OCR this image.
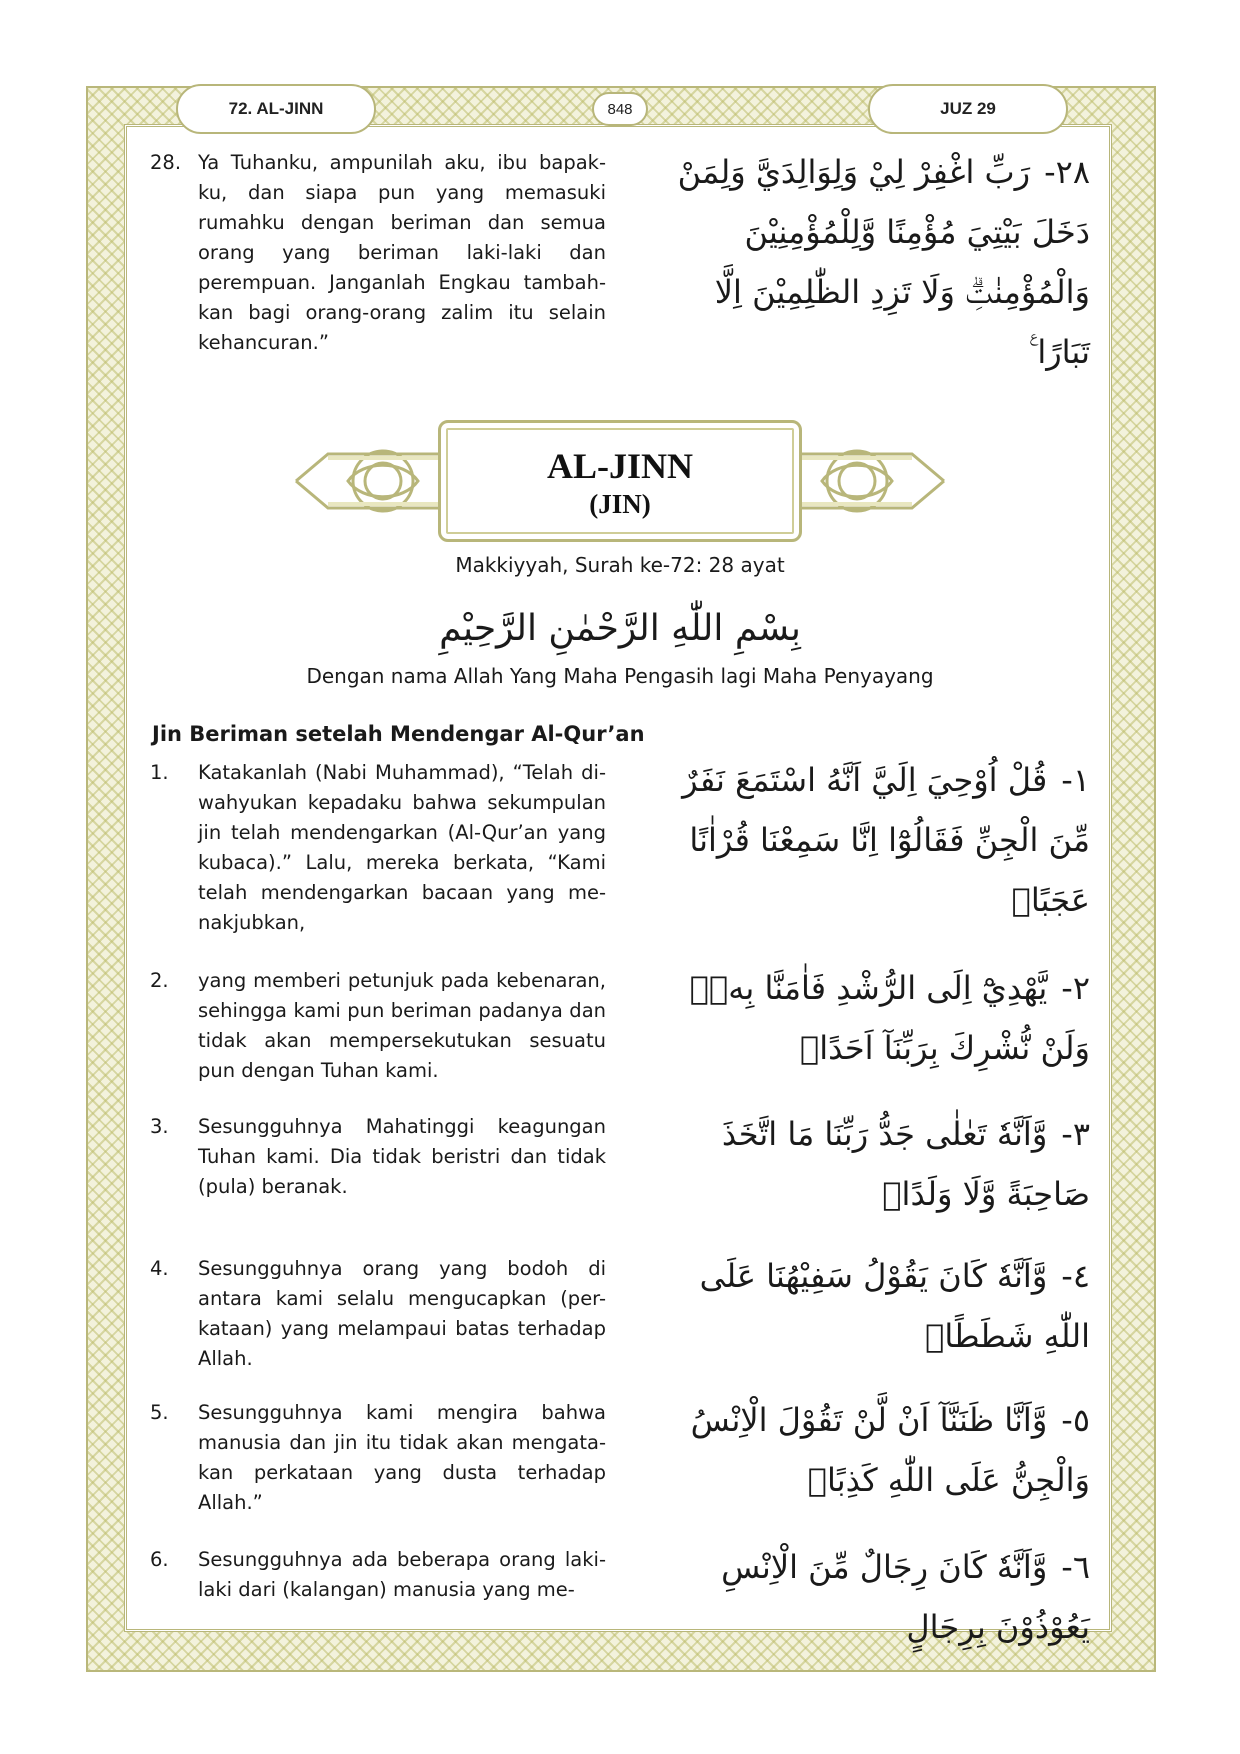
72. AL-JINN	848	JUZ 29
28. Ya Tuhanku, ampunilah aku, ibu bapak-ku, dan siapa pun yang memasuki rumahku dengan beriman dan semua orang yang beriman laki-laki dan perempuan. Janganlah Engkau tambah-kan bagi orang-orang zalim itu selain kehancuran.”
٢٨-رَبِّ اغْفِرْ لِيْ وَلِوَالِدَيَّ وَلِمَنْ دَخَلَ بَيْتِيَ مُؤْمِنًا وَّلِلْمُؤْمِنِيْنَ وَالْمُؤْمِنٰتِۗ وَلَا تَزِدِ الظّٰلِمِيْنَ اِلَّا تَبَارًا ࣖ
AL-JINN
(JIN)
Makkiyyah, Surah ke-72: 28 ayat
بِسْمِ اللّٰهِ الرَّحْمٰنِ الرَّحِيْمِ
Dengan nama Allah Yang Maha Pengasih lagi Maha Penyayang
Jin Beriman setelah Mendengar Al-Qur’an
1.	Katakanlah (Nabi Muhammad), “Telah di-wahyukan kepadaku bahwa sekumpulan jin telah mendengarkan (Al-Qur’an yang kubaca).” Lalu, mereka berkata, “Kami telah mendengarkan bacaan yang me-nakjubkan,
١-قُلْ اُوْحِيَ اِلَيَّ اَنَّهُ اسْتَمَعَ نَفَرٌ مِّنَ الْجِنِّ فَقَالُوْٓا اِنَّا سَمِعْنَا قُرْاٰنًا عَجَبًاۙ
2.	yang memberi petunjuk pada kebenaran, sehingga kami pun beriman padanya dan tidak akan mempersekutukan sesuatu pun dengan Tuhan kami.
٢-يَّهْدِيْٓ اِلَى الرُّشْدِ فَاٰمَنَّا بِهٖۗ وَلَنْ نُّشْرِكَ بِرَبِّنَآ اَحَدًاۖ
3.	Sesungguhnya Mahatinggi keagungan Tuhan kami. Dia tidak beristri dan tidak (pula) beranak.
٣-وَّاَنَّهٗ تَعٰلٰى جَدُّ رَبِّنَا مَا اتَّخَذَ صَاحِبَةً وَّلَا وَلَدًاۖ
4.	Sesungguhnya orang yang bodoh di antara kami selalu mengucapkan (per-kataan) yang melampaui batas terhadap Allah.
٤-وَّاَنَّهٗ كَانَ يَقُوْلُ سَفِيْهُنَا عَلَى اللّٰهِ شَطَطًاۖ
5.	Sesungguhnya kami mengira bahwa manusia dan jin itu tidak akan mengata-kan perkataan yang dusta terhadap Allah.”
٥-وَّاَنَّا ظَنَنَّآ اَنْ لَّنْ تَقُوْلَ الْاِنْسُ وَالْجِنُّ عَلَى اللّٰهِ كَذِبًاۙ
6.	Sesungguhnya ada beberapa orang laki-laki dari (kalangan) manusia yang me-
٦-وَّاَنَّهٗ كَانَ رِجَالٌ مِّنَ الْاِنْسِ يَعُوْذُوْنَ بِرِجَالٍ
